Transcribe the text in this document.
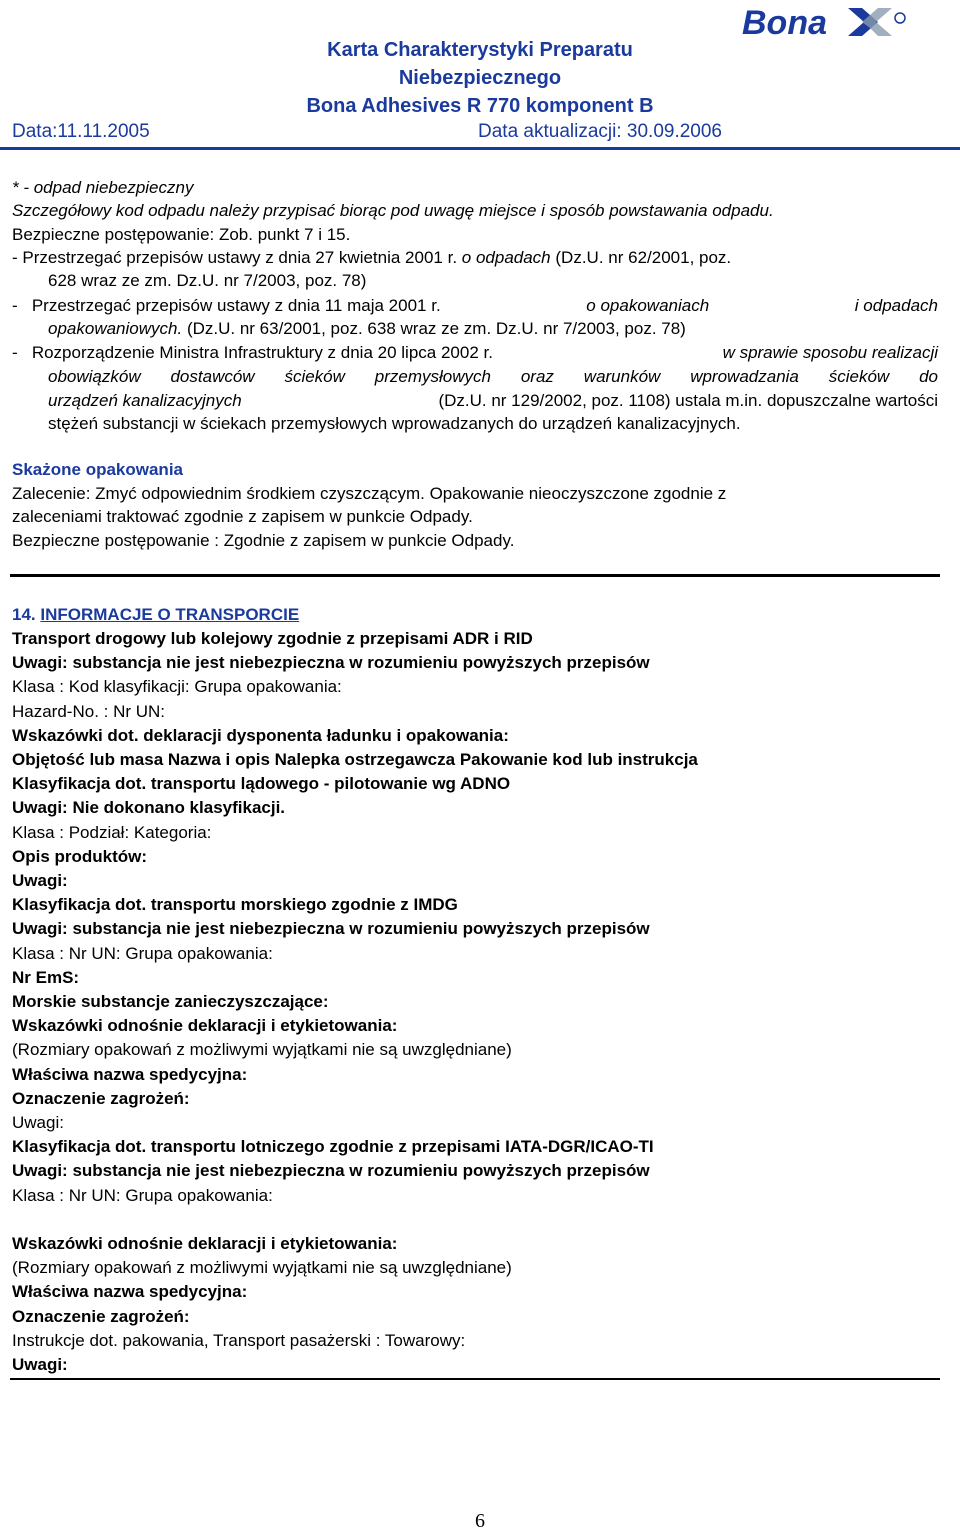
Bona
Karta Charakterystyki Preparatu
Niebezpiecznego
Bona Adhesives R 770 komponent B
Data:11.11.2005	Data aktualizacji: 30.09.2006
* - odpad niebezpieczny
Szczegółowy kod odpadu należy przypisać biorąc pod uwagę miejsce i sposób powstawania odpadu.
Bezpieczne postępowanie: Zob. punkt 7 i 15.
- Przestrzegać przepisów ustawy z dnia 27 kwietnia 2001 r. o odpadach (Dz.U. nr 62/2001, poz.
628 wraz ze zm. Dz.U. nr 7/2003, poz. 78)
-   Przestrzegać przepisów ustawy z dnia 11 maja 2001 r.	o opakowaniach	i odpadach
opakowaniowych. (Dz.U. nr 63/2001, poz. 638 wraz ze zm. Dz.U. nr 7/2003, poz. 78)
-   Rozporządzenie Ministra Infrastruktury z dnia 20 lipca 2002 r.	w sprawie sposobu realizacji
obowiązków dostawców ścieków przemysłowych oraz warunków wprowadzania ścieków do
urządzeń kanalizacyjnych	(Dz.U. nr 129/2002, poz. 1108) ustala m.in. dopuszczalne wartości
stężeń substancji w ściekach przemysłowych wprowadzanych do urządzeń kanalizacyjnych.
Skażone opakowania
Zalecenie: Zmyć odpowiednim środkiem czyszczącym. Opakowanie nieoczyszczone zgodnie z
zaleceniami traktować zgodnie z zapisem w punkcie Odpady.
Bezpieczne postępowanie : Zgodnie z zapisem w punkcie Odpady.
14. INFORMACJE O TRANSPORCIE
Transport drogowy lub kolejowy zgodnie z przepisami ADR i RID
Uwagi: substancja nie jest niebezpieczna w rozumieniu powyższych przepisów
Klasa : Kod klasyfikacji: Grupa opakowania:
Hazard-No. : Nr UN:
Wskazówki dot. deklaracji dysponenta ładunku i opakowania:
Objętość lub masa Nazwa i opis Nalepka ostrzegawcza Pakowanie kod lub instrukcja
Klasyfikacja dot. transportu lądowego - pilotowanie wg ADNO
Uwagi: Nie dokonano klasyfikacji.
Klasa : Podział: Kategoria:
Opis produktów:
Uwagi:
Klasyfikacja dot. transportu morskiego zgodnie z IMDG
Uwagi: substancja nie jest niebezpieczna w rozumieniu powyższych przepisów
Klasa : Nr UN: Grupa opakowania:
Nr EmS:
Morskie substancje zanieczyszczające:
Wskazówki odnośnie deklaracji i etykietowania:
(Rozmiary opakowań z możliwymi wyjątkami nie są uwzględniane)
Właściwa nazwa spedycyjna:
Oznaczenie zagrożeń:
Uwagi:
Klasyfikacja dot. transportu lotniczego zgodnie z przepisami IATA-DGR/ICAO-TI
Uwagi: substancja nie jest niebezpieczna w rozumieniu powyższych przepisów
Klasa : Nr UN: Grupa opakowania:
Wskazówki odnośnie deklaracji i etykietowania:
(Rozmiary opakowań z możliwymi wyjątkami nie są uwzględniane)
Właściwa nazwa spedycyjna:
Oznaczenie zagrożeń:
Instrukcje dot. pakowania, Transport pasażerski : Towarowy:
Uwagi:
6
